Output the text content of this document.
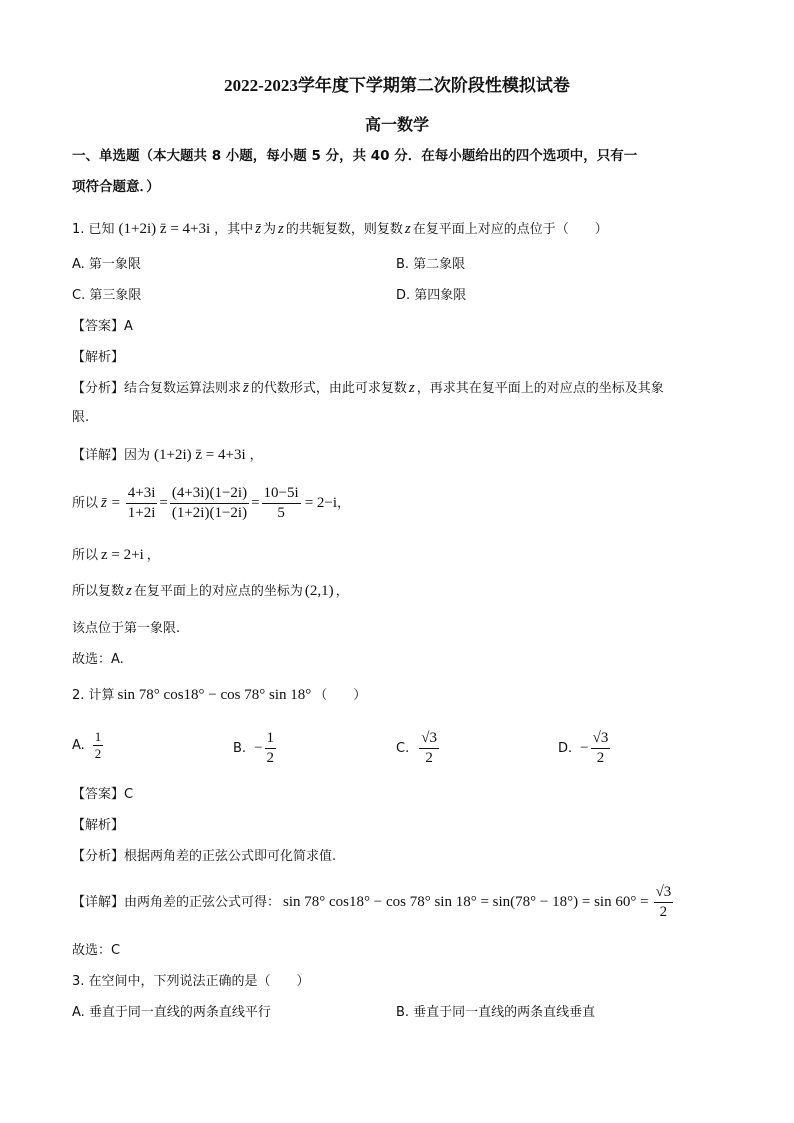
2022-2023学年度下学期第二次阶段性模拟试卷
高一数学
一、单选题（本大题共 8 小题，每小题 5 分，共 40 分．在每小题给出的四个选项中，只有一
项符合题意．）
1. 已知 (1+2i) z̄ = 4+3i ，其中 z̄ 为 z 的共轭复数，则复数 z 在复平面上对应的点位于（　　）
A. 第一象限	B. 第二象限
C. 第三象限	D. 第四象限
【答案】A
【解析】
【分析】结合复数运算法则求 z̄ 的代数形式，由此可求复数 z ，再求其在复平面上的对应点的坐标及其象
限.
【详解】因为 (1+2i) z̄ = 4+3i ，
所以 z̄ = $\frac{4+3i}{1+2i} = \frac{(4+3i)(1-2i)}{(1+2i)(1-2i)} = \frac{10-5i}{5} = 2-i$ ，
所以 z = 2+i ，
所以复数 z 在复平面上的对应点的坐标为 (2,1) ，
该点位于第一象限.
故选：A.
2. 计算 sin 78° cos18° − cos 78° sin 18° （　　）
A. $\frac{1}{2}$	B. − $\frac{1}{2}$	C. $\frac{√3}{2}$	D. − $\frac{√3}{2}$
【答案】C
【解析】
【分析】根据两角差的正弦公式即可化简求值.
【详解】由两角差的正弦公式可得： sin 78° cos18° − cos 78° $\sin 18^\circ = \sin(78^\circ - 18^\circ) = \sin 60^\circ = \frac{√3}{2}$
故选：C
3. 在空间中，下列说法正确的是（　　）
A. 垂直于同一直线的两条直线平行	B. 垂直于同一直线的两条直线垂直
